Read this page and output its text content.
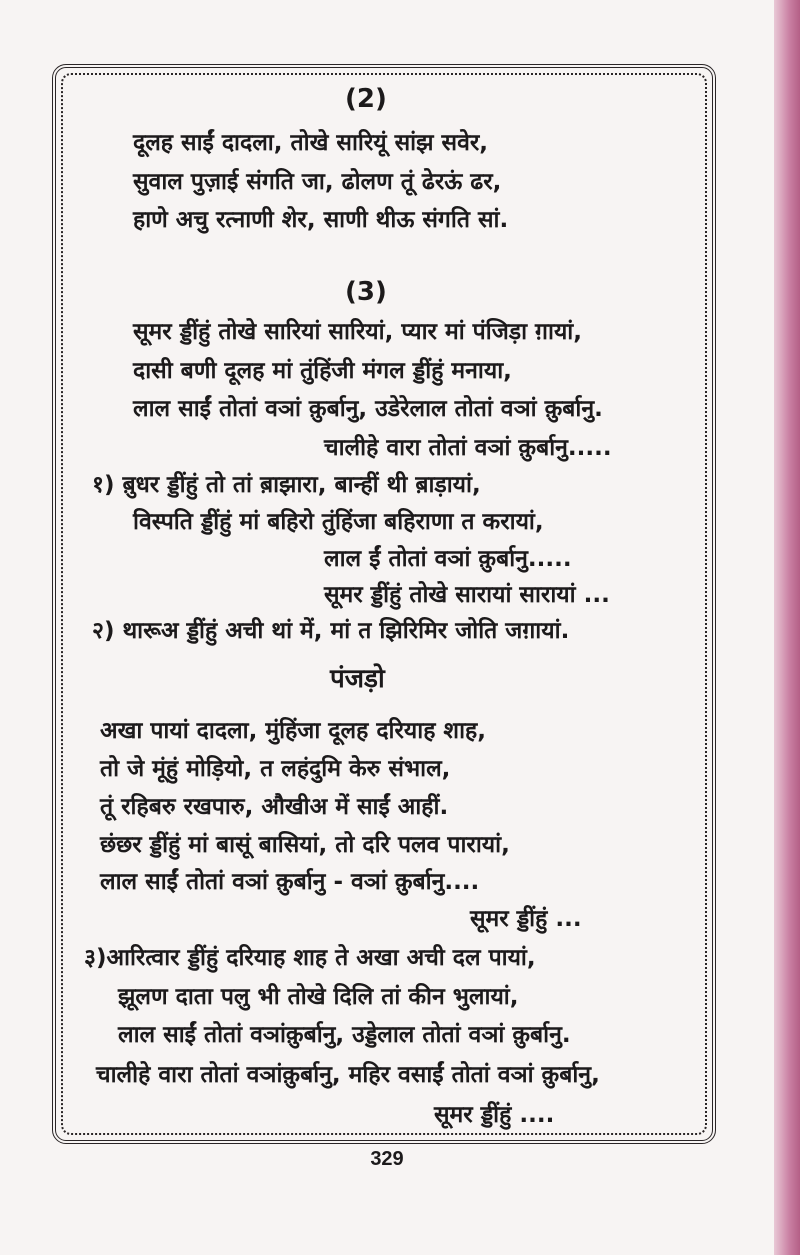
(2)
दूलह साईं दादला, तोखे सारियूं सांझ सवेर,
सुवाल पुज़ाई संगति जा, ढोलण तूं ढेरऊं ढर,
हाणे अचु रत्नाणी शेर, साणी थीऊ संगति सां.
(3)
सूमर ड्डींहुं तोखे सारियां सारियां, प्यार मां पंजिड़ा ग़ायां,
दासी बणी दूलह मां तुंहिंजी मंगल ड्डींहुं मनाया,
लाल साईं तोतां वञां क़ुर्बानु, उडेरेलाल तोतां वञां क़ुर्बानु.
चालीहे वारा तोतां वञां क़ुर्बानु.....
१) ब़ुधर ड्डींहुं तो तां ब़ाझारा, बान्हीं थी ब़ाड़ायां,
विस्पति ड्डींहुं मां बहिरो तुंहिंजा बहिराणा त करायां,
लाल ईं तोतां वञां क़ुर्बानु.....
सूमर ड्डींहुं तोखे सारायां सारायां ...
२) थारूअ ड्डींहुं अची थां में, मां त झिरिमिर जोति जग़ायां.
पंजड़ो
अखा पायां दादला, मुंहिंजा दूलह दरियाह शाह,
तो जे मूंहुं मोड़ियो, त लहंदुमि केरु संभाल,
तूं रहिबरु रखपारु, औखीअ में साईं आहीं.
छंछर ड्डींहुं मां बासूं बासियां, तो दरि पलव पारायां,
लाल साईं तोतां वञां क़ुर्बानु - वञां क़ुर्बानु....
सूमर ड्डींहुं ...
३)आरित्वार ड्डींहुं दरियाह शाह ते अखा अची दल पायां,
झूलण दाता पलु भी तोखे दिलि तां कीन भुलायां,
लाल साईं तोतां वञांक़ुर्बानु, उड्डेलाल तोतां वञां क़ुर्बानु.
चालीहे वारा तोतां वञांक़ुर्बानु, महिर वसाईं तोतां वञां क़ुर्बानु,
सूमर ड्डींहुं ....
329
